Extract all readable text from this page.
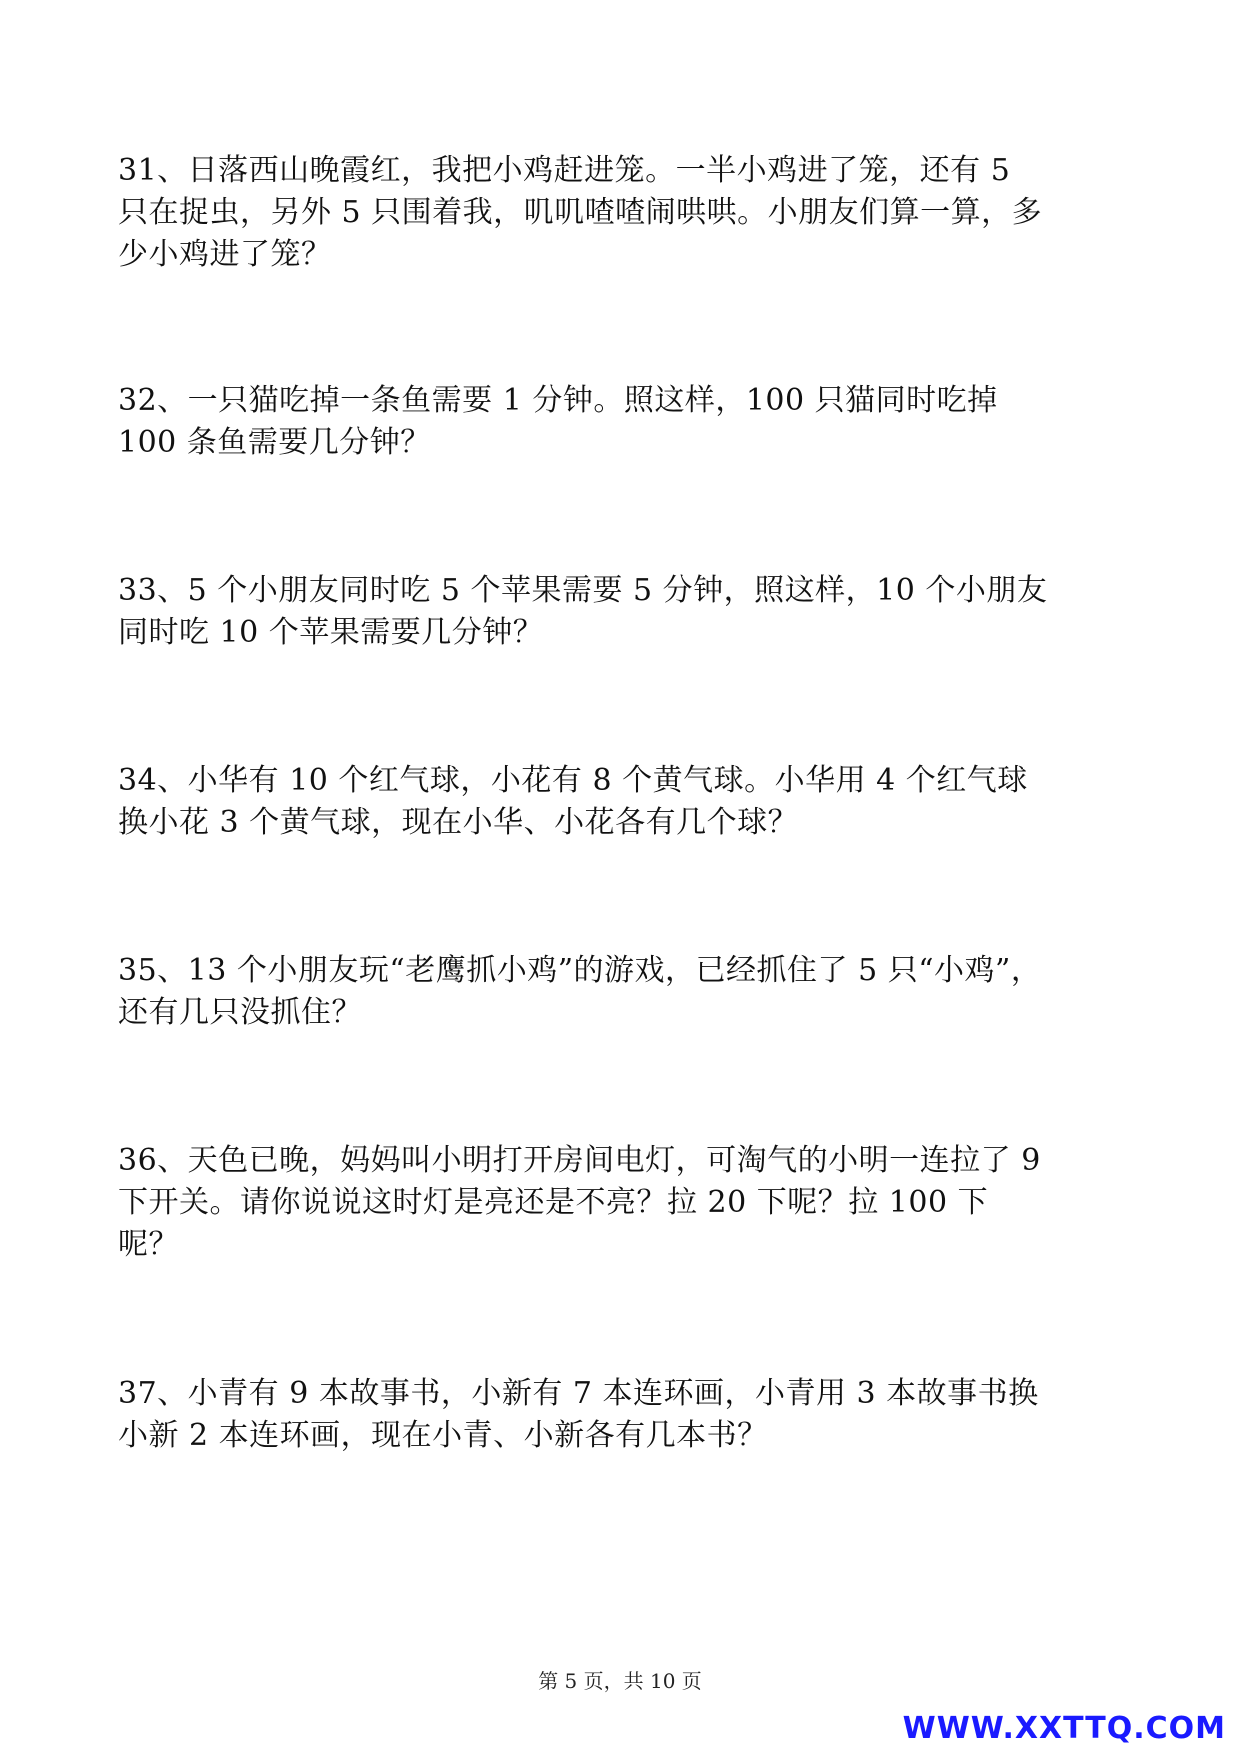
31、日落西山晚霞红，我把小鸡赶进笼。一半小鸡进了笼，还有 5 只在捉虫，另外 5 只围着我，叽叽喳喳闹哄哄。小朋友们算一算，多少小鸡进了笼？

32、一只猫吃掉一条鱼需要 1 分钟。照这样，100 只猫同时吃掉 100 条鱼需要几分钟？

33、5 个小朋友同时吃 5 个苹果需要 5 分钟，照这样，10 个小朋友同时吃 10 个苹果需要几分钟？

34、小华有 10 个红气球，小花有 8 个黄气球。小华用 4 个红气球换小花 3 个黄气球，现在小华、小花各有几个球？

35、13 个小朋友玩“老鹰抓小鸡”的游戏，已经抓住了 5 只“小鸡”，还有几只没抓住？

36、天色已晚，妈妈叫小明打开房间电灯，可淘气的小明一连拉了 9 下开关。请你说说这时灯是亮还是不亮？拉 20 下呢？拉 100 下呢？

37、小青有 9 本故事书，小新有 7 本连环画，小青用 3 本故事书换小新 2 本连环画，现在小青、小新各有几本书？

第 5 页，共 10 页
WWW.XXTTQ.COM
